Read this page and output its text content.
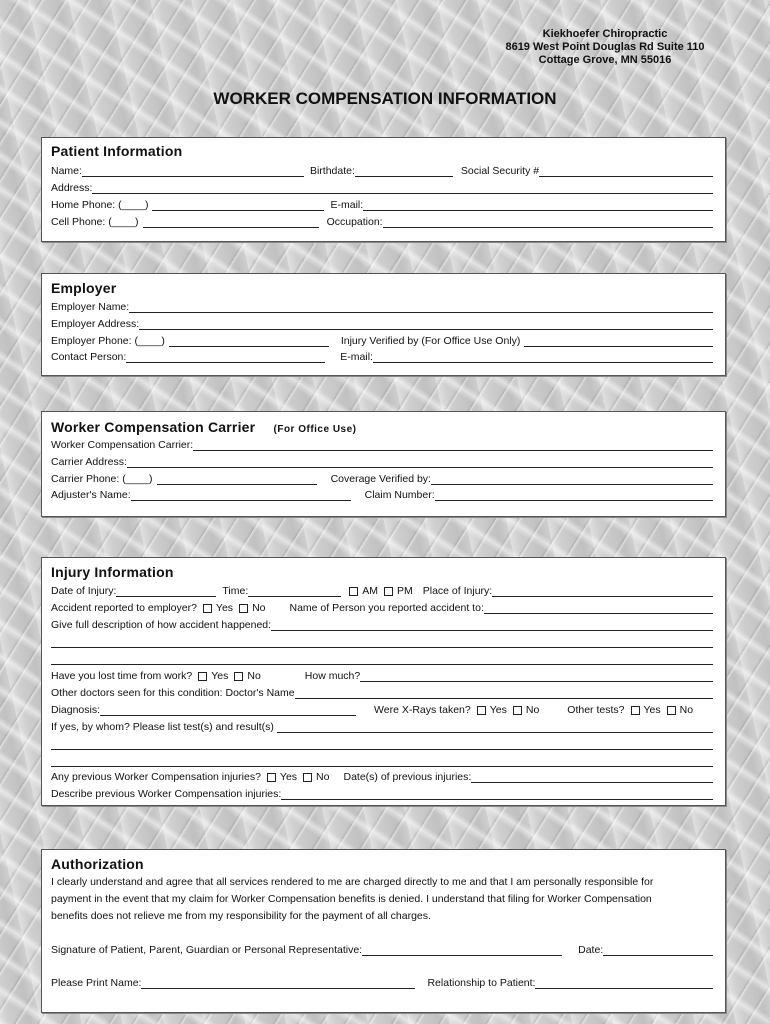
Kiekhoefer Chiropractic
8619 West Point Douglas Rd Suite 110
Cottage Grove, MN 55016
WORKER COMPENSATION INFORMATION
Patient Information
Name:	Birthdate:	Social Security #
Address:
Home Phone: (____)	E-mail:
Cell Phone: (____)	Occupation:
Employer
Employer Name:
Employer Address:
Employer Phone: (____)	Injury Verified by (For Office Use Only)
Contact Person:	E-mail:
Worker Compensation Carrier (For Office Use)
Worker Compensation Carrier:
Carrier Address:
Carrier Phone: (____)	Coverage Verified by:
Adjuster's Name:	Claim Number:
Injury Information
Date of Injury:	Time:	AM PM Place of Injury:
Accident reported to employer? Yes No Name of Person you reported accident to:
Give full description of how accident happened:
Have you lost time from work? Yes No	How much?
Other doctors seen for this condition: Doctor's Name
Diagnosis:	Were X-Rays taken? Yes No	Other tests? Yes No
If yes, by whom? Please list test(s) and result(s)
Any previous Worker Compensation injuries? Yes No Date(s) of previous injuries:
Describe previous Worker Compensation injuries:
Authorization
I clearly understand and agree that all services rendered to me are charged directly to me and that I am personally responsible for
payment in the event that my claim for Worker Compensation benefits is denied. I understand that filing for Worker Compensation
benefits does not relieve me from my responsibility for the payment of all charges.
Signature of Patient, Parent, Guardian or Personal Representative:	Date:
Please Print Name:	Relationship to Patient:
